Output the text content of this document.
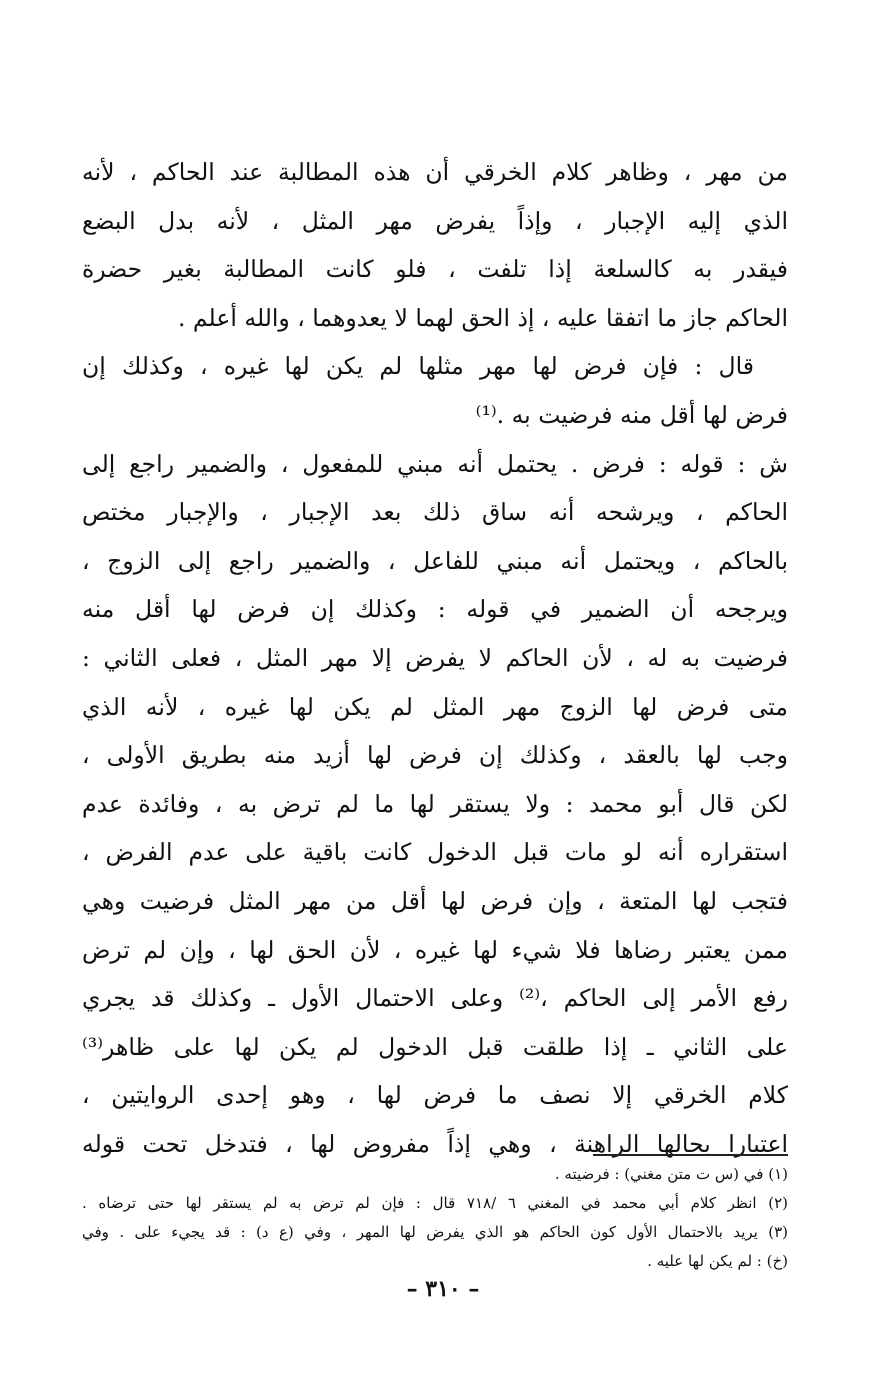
من مهر ، وظاهر كلام الخرقي أن هذه المطالبة عند الحاكم ، لأنه
الذي إليه الإجبار ، وإذاً يفرض مهر المثل ، لأنه بدل البضع
فيقدر به كالسلعة إذا تلفت ، فلو كانت المطالبة بغير حضرة
الحاكم جاز ما اتفقا عليه ، إذ الحق لهما لا يعدوهما ، والله أعلم .
قال : فإن فرض لها مهر مثلها لم يكن لها غيره ، وكذلك إن
فرض لها أقل منه فرضيت به .⁽¹⁾
ش : قوله : فرض . يحتمل أنه مبني للمفعول ، والضمير راجع إلى
الحاكم ، ويرشحه أنه ساق ذلك بعد الإجبار ، والإجبار مختص
بالحاكم ، ويحتمل أنه مبني للفاعل ، والضمير راجع إلى الزوج ،
ويرجحه أن الضمير في قوله : وكذلك إن فرض لها أقل منه
فرضيت به له ، لأن الحاكم لا يفرض إلا مهر المثل ، فعلى الثاني :
متى فرض لها الزوج مهر المثل لم يكن لها غيره ، لأنه الذي
وجب لها بالعقد ، وكذلك إن فرض لها أزيد منه بطريق الأولى ،
لكن قال أبو محمد : ولا يستقر لها ما لم ترض به ، وفائدة عدم
استقراره أنه لو مات قبل الدخول كانت باقية على عدم الفرض ،
فتجب لها المتعة ، وإن فرض لها أقل من مهر المثل فرضيت وهي
ممن يعتبر رضاها فلا شيء لها غيره ، لأن الحق لها ، وإن لم ترض
رفع الأمر إلى الحاكم ،⁽²⁾ وعلى الاحتمال الأول ـ وكذلك قد يجري
على الثاني ـ إذا طلقت قبل الدخول لم يكن لها على ظاهر⁽³⁾
كلام الخرقي إلا نصف ما فرض لها ، وهو إحدى الروايتين ،
اعتبارا بحالها الراهنة ، وهي إذاً مفروض لها ، فتدخل تحت قوله
(١) في (س ت متن مغني) : فرضيته .
(٢) انظر كلام أبي محمد في المغني ٦ /٧١٨ قال : فإن لم ترض به لم يستقر لها حتى ترضاه .
(٣) يريد بالاحتمال الأول كون الحاكم هو الذي يفرض لها المهر ، وفي (ع د) : قد يجيء على . وفي
(خ) : لم يكن لها عليه .
– ٣١٠ –
